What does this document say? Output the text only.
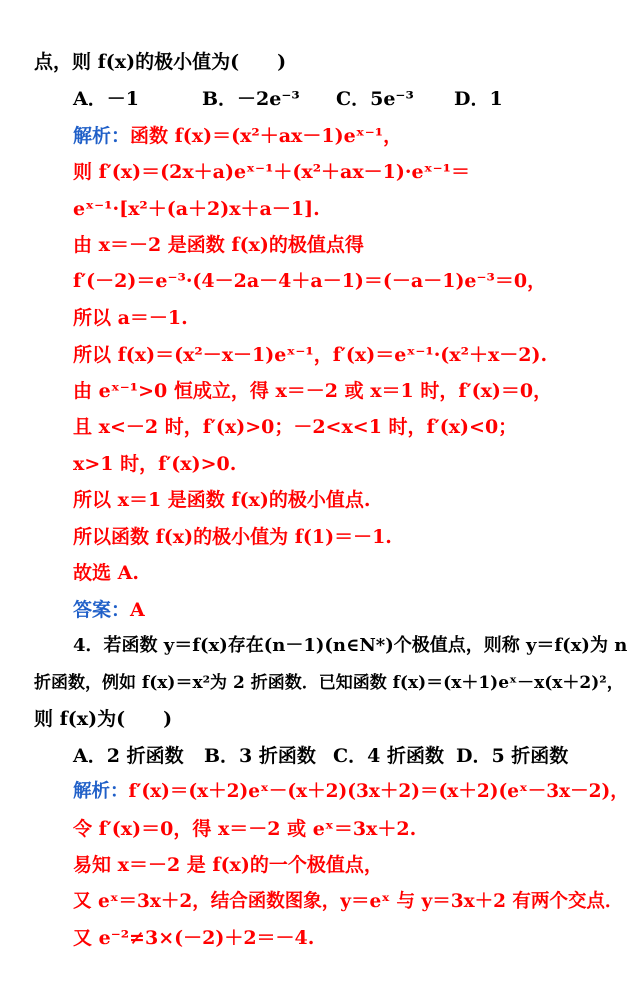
点，则 f(x)的极小值为(　　)
A．－1	B．－2e⁻³ C．5e⁻³ D．1
解析：函数 f(x)＝(x²＋ax－1)eˣ⁻¹，
则 f′(x)＝(2x＋a)eˣ⁻¹＋(x²＋ax－1)·eˣ⁻¹＝
eˣ⁻¹·[x²＋(a＋2)x＋a－1].
由 x＝－2 是函数 f(x)的极值点得
f′(－2)＝e⁻³·(4－2a－4＋a－1)＝(－a－1)e⁻³＝0，
所以 a＝－1.
所以 f(x)＝(x²－x－1)eˣ⁻¹，f′(x)＝eˣ⁻¹·(x²＋x－2).
由 eˣ⁻¹>0 恒成立，得 x＝－2 或 x＝1 时，f′(x)＝0，
且 x<－2 时，f′(x)>0；－2<x<1 时，f′(x)<0；
x>1 时，f′(x)>0.
所以 x＝1 是函数 f(x)的极小值点.
所以函数 f(x)的极小值为 f(1)＝－1.
故选 A.
答案：A
4．若函数 y＝f(x)存在(n－1)(n∈N*)个极值点，则称 y＝f(x)为 n
折函数，例如 f(x)＝x²为 2 折函数．已知函数 f(x)＝(x＋1)eˣ－x(x＋2)²，
则 f(x)为(　　)
A．2 折函数 B．3 折函数 C．4 折函数 D．5 折函数
解析：f′(x)＝(x＋2)eˣ－(x＋2)(3x＋2)＝(x＋2)(eˣ－3x－2)，
令 f′(x)＝0，得 x＝－2 或 eˣ＝3x＋2.
易知 x＝－2 是 f(x)的一个极值点，
又 eˣ＝3x＋2，结合函数图象，y＝eˣ 与 y＝3x＋2 有两个交点．
又 e⁻²≠3×(－2)＋2＝－4.
